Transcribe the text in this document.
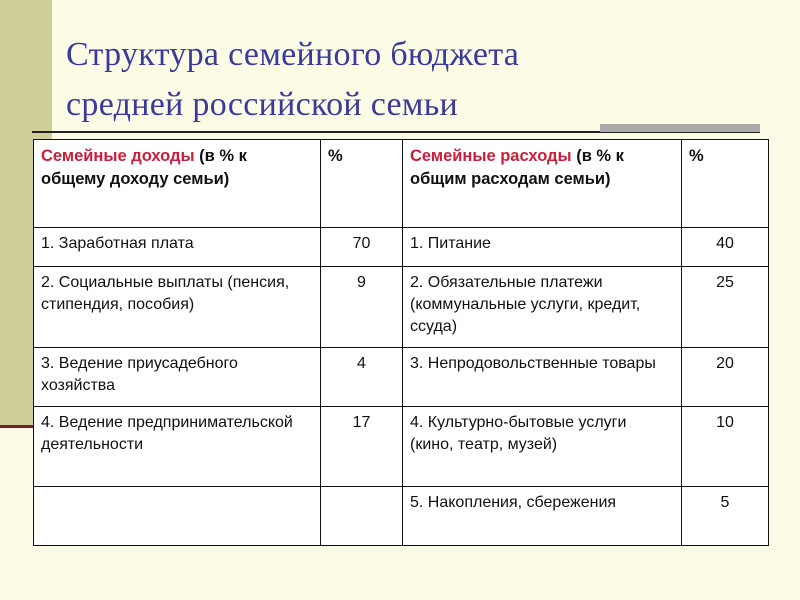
Структура семейного бюджета
средней российской семьи
Семейные доходы (в % к общему доходу семьи)	%	Семейные расходы (в % к общим расходам семьи)	%
1. Заработная плата	70	1. Питание	40
2. Социальные выплаты (пенсия, стипендия, пособия)	9	2. Обязательные платежи (коммунальные услуги, кредит, ссуда)	25
3. Ведение приусадебного хозяйства	4	3. Непродовольственные товары	20
4. Ведение предпринимательской деятельности	17	4. Культурно-бытовые услуги (кино, театр, музей)	10
		5. Накопления, сбережения	5
